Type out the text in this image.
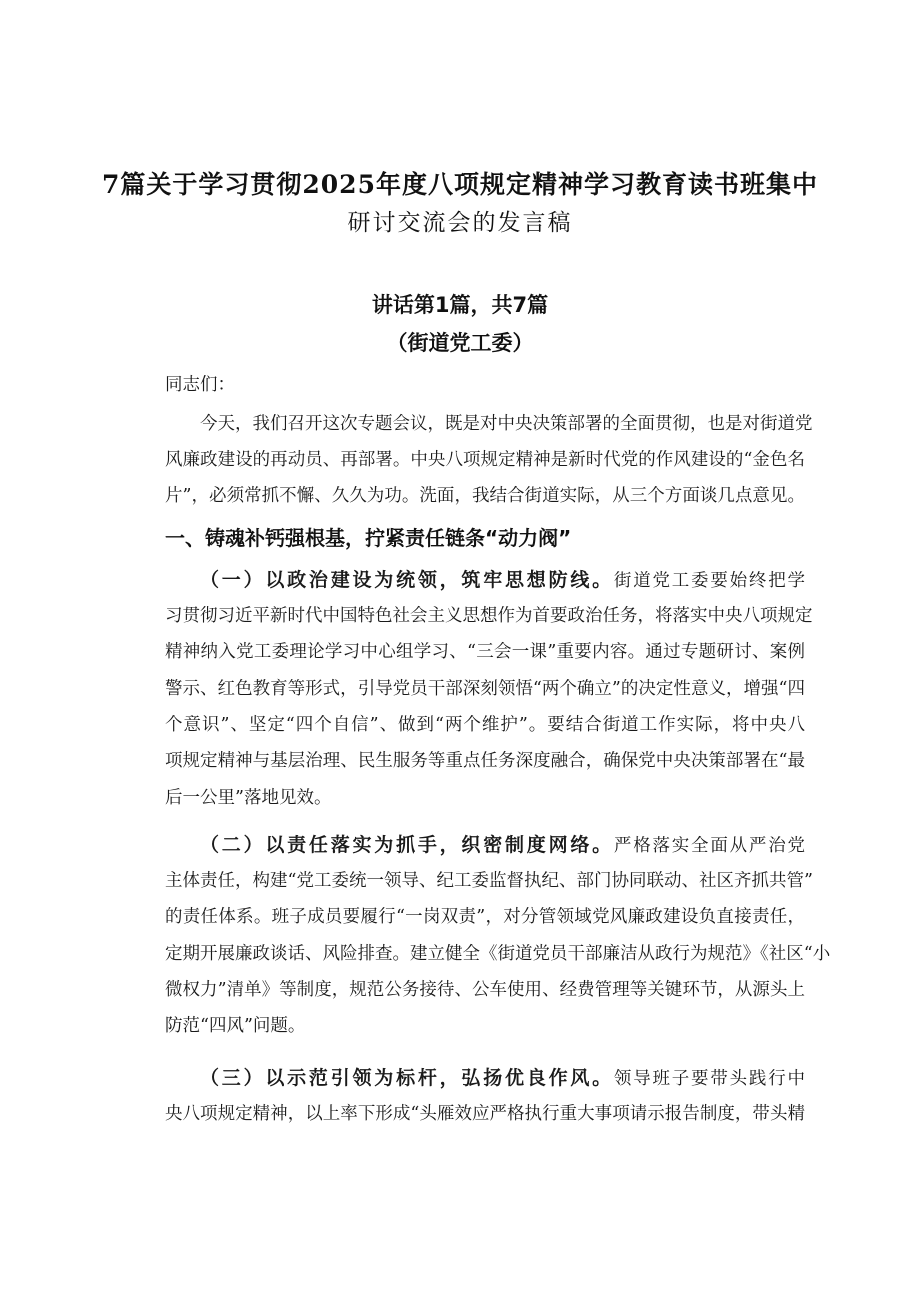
7篇关于学习贯彻2025年度八项规定精神学习教育读书班集中
研讨交流会的发言稿
讲话第1篇，共7篇
（街道党工委）
同志们：
今天，我们召开这次专题会议，既是对中央决策部署的全面贯彻，也是对街道党
风廉政建设的再动员、再部署。中央八项规定精神是新时代党的作风建设的“金色名
片”，必须常抓不懈、久久为功。洗面，我结合街道实际，从三个方面谈几点意见。
一、铸魂补钙强根基，拧紧责任链条“动力阀”
（一）以政治建设为统领，筑牢思想防线。街道党工委要始终把学
习贯彻习近平新时代中国特色社会主义思想作为首要政治任务，将落实中央八项规定
精神纳入党工委理论学习中心组学习、“三会一课”重要内容。通过专题研讨、案例
警示、红色教育等形式，引导党员干部深刻领悟“两个确立”的决定性意义，增强“四
个意识”、坚定“四个自信”、做到“两个维护”。要结合街道工作实际，将中央八
项规定精神与基层治理、民生服务等重点任务深度融合，确保党中央决策部署在“最
后一公里”落地见效。
（二）以责任落实为抓手，织密制度网络。严格落实全面从严治党
主体责任，构建“党工委统一领导、纪工委监督执纪、部门协同联动、社区齐抓共管”
的责任体系。班子成员要履行“一岗双责”，对分管领域党风廉政建设负直接责任，
定期开展廉政谈话、风险排查。建立健全《街道党员干部廉洁从政行为规范》《社区“小
微权力”清单》等制度，规范公务接待、公车使用、经费管理等关键环节，从源头上
防范“四风”问题。
（三）以示范引领为标杆，弘扬优良作风。领导班子要带头践行中
央八项规定精神，以上率下形成“头雁效应严格执行重大事项请示报告制度，带头精
